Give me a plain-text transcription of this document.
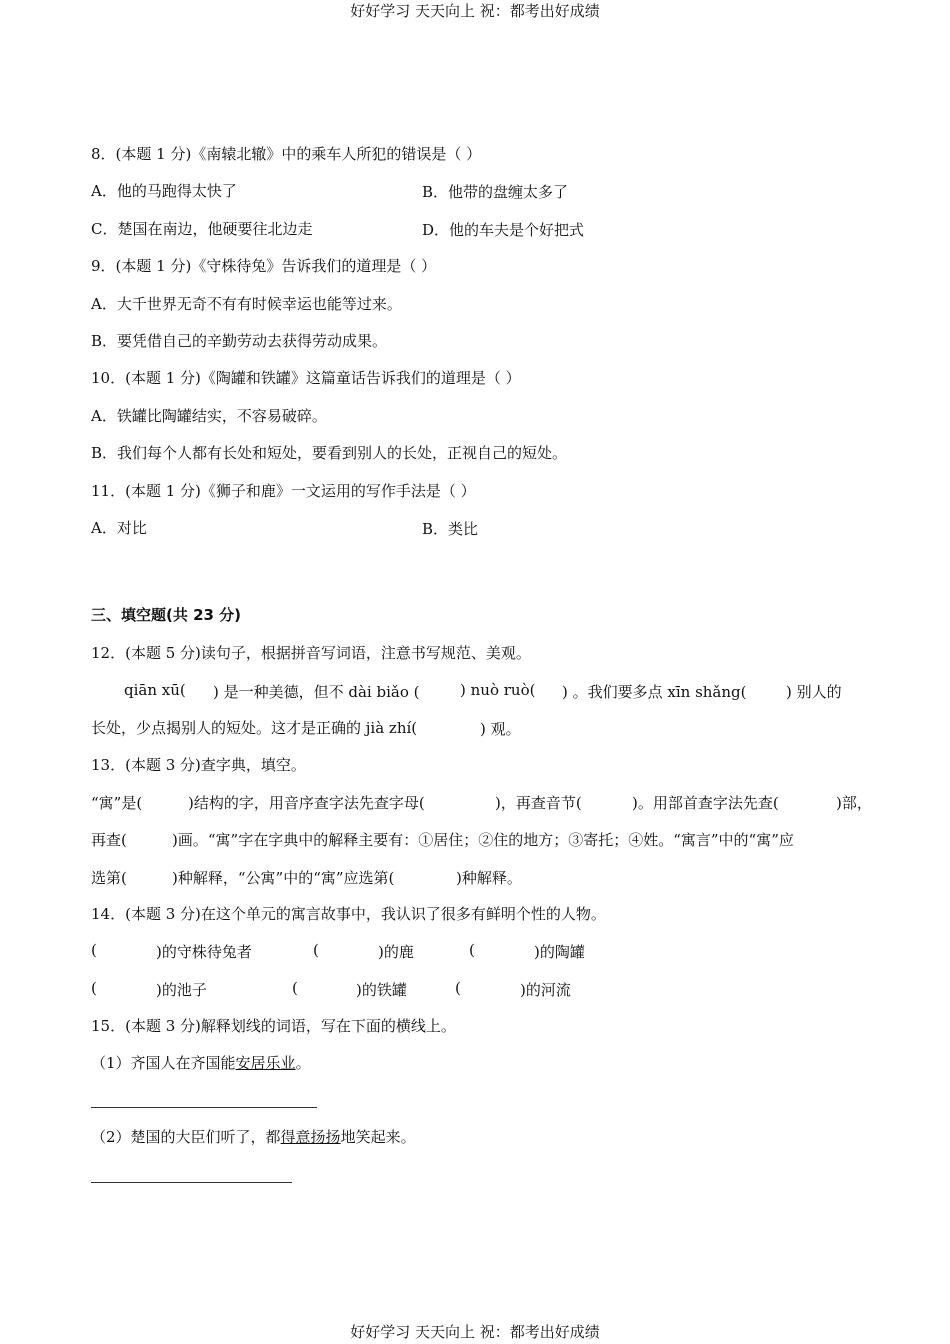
好好学习 天天向上 祝：都考出好成绩
8．(本题 1 分)《南辕北辙》中的乘车人所犯的错误是（ ）
A．他的马跑得太快了	B．他带的盘缠太多了
C．楚国在南边，他硬要往北边走	D．他的车夫是个好把式
9．(本题 1 分)《守株待兔》告诉我们的道理是（ ）
A．大千世界无奇不有有时候幸运也能等过来。
B．要凭借自己的辛勤劳动去获得劳动成果。
10．(本题 1 分)《陶罐和铁罐》这篇童话告诉我们的道理是（ ）
A．铁罐比陶罐结实，不容易破碎。
B．我们每个人都有长处和短处，要看到别人的长处，正视自己的短处。
11．(本题 1 分)《狮子和鹿》一文运用的写作手法是（ ）
A．对比	B．类比
三、填空题(共 23 分)
12．(本题 5 分)读句子，根据拼音写词语，注意书写规范、美观。
qiān xū( ) 是一种美德，但不 dài biǎo (	) nuò ruò( ) 。我们要多点 xīn shǎng(	) 别人的
长处，少点揭别人的短处。这才是正确的 jià zhí(	) 观。
13．(本题 3 分)查字典，填空。
“寓”是(	)结构的字，用音序查字法先查字母(	)，再查音节(	)。用部首查字法先查(	)部，
再查(	)画。“寓”字在字典中的解释主要有：①居住；②住的地方；③寄托；④姓。“寓言”中的“寓”应
选第(	)种解释，“公寓”中的“寓”应选第(	)种解释。
14．(本题 3 分)在这个单元的寓言故事中，我认识了很多有鲜明个性的人物。
(	)的守株待兔者	(	)的鹿	(	)的陶罐
(	)的池子	(	)的铁罐	(	)的河流
15．(本题 3 分)解释划线的词语，写在下面的横线上。
（1）齐国人在齐国能安居乐业。
（2）楚国的大臣们听了，都得意扬扬地笑起来。
好好学习 天天向上 祝：都考出好成绩
